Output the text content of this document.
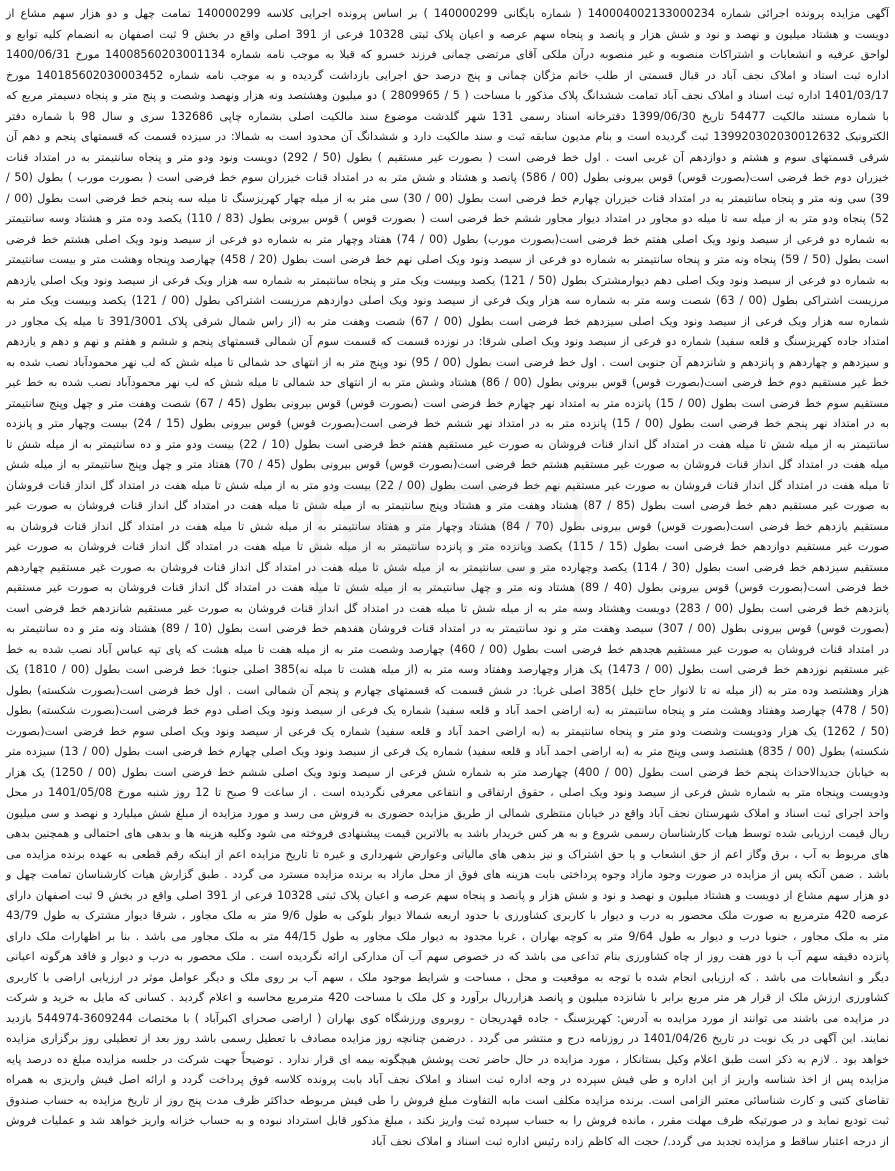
آگهی مزایده پرونده اجرائی شماره 140004002133000234 ( شماره بایگانی 140000299 ) بر اساس پرونده اجرایی کلاسه 140000299 تمامت چهل و دو هزار سهم مشاع از دویست و هشتاد میلیون و نهصد و نود و شش هزار و پانصد و پنجاه سهم عرصه و اعیان پلاک ثبتی 10328 فرعی از 391 اصلی واقع در بخش 9 ثبت اصفهان به انضمام کلیه توابع و لواحق عرفیه و انشعابات و اشتراکات منصوبه و غیر منصوبه درآن ملکی آقای مرتضی چمانی فرزند خسرو که قبلا به موجب نامه شماره 14008560203001134 مورخ 1400/06/31 اداره ثبت اسناد و املاک نجف آباد در قبال قسمتی از طلب خانم مژگان چمانی و پنج درصد حق اجرایی بازداشت گردیده و به موجب نامه شماره 140185602030003452 مورخ 1401/03/17 اداره ثبت اسناد و املاک نجف آباد تمامت ششدانگ پلاک مذکور با مساحت ( 5 / 2809965 ) دو میلیون وهشتصد ونه هزار ونهصد وشصت و پنج متر و پنجاه دسیمتر مربع که با شماره مستند مالکیت 54477 تاریخ 1399/06/30 دفترخانه اسناد رسمی 131 شهر گلدشت موضوع سند مالکیت اصلی بشماره چاپی 132686 سری و سال 98 با شماره دفتر الکترونیک 139920302030012632 ثبت گردیده است و بنام مدیون سابقه ثبت و سند مالکیت دارد و ششدانگ آن محدود است به شمالا: در سیزده قسمت که قسمتهای پنجم و دهم آن شرقی قسمتهای سوم و هشتم و دوازدهم آن غربی است . اول خط فرضی است ( بصورت غیر مستقیم ) بطول (50 / 292) دویست ونود ودو متر و پنجاه سانتیمتر به در امتداد قنات خیزران دوم خط فرضی است(بصورت قوس) قوس بیرونی بطول (00 / 586) پانصد و هشتاد و شش متر به در امتداد قنات خیزران سوم خط فرضی است ( بصورت مورب ) بطول (50 / 39) سی ونه متر و پنجاه سانتیمتر به در امتداد قنات خیزران چهارم خط فرضی است بطول (00 / 30) سی متر به از میله چهار کهریزسنگ تا میله سه پنجم خط فرضی است بطول (00 / 52) پنجاه ودو متر به از میله سه تا میله دو مجاور در امتداد دیوار مجاور ششم خط فرضی است ( بصورت قوس ) قوس بیرونی بطول (83 / 110) یکصد وده متر و هشتاد وسه سانتیمتر به شماره دو فرعی از سیصد ونود ویک اصلی هفتم خط فرضی است(بصورت مورب) بطول (00 / 74) هفتاد وچهار متر به شماره دو فرعی از سیصد ونود ویک اصلی هشتم خط فرضی است بطول (50 / 59) پنجاه ونه متر و پنجاه سانتیمتر به شماره دو فرعی از سیصد ونود ویک اصلی نهم خط فرضی است بطول (20 / 458) چهارصد وپنجاه وهشت متر و بیست سانتیمتر به شماره دو فرعی از سیصد ونود ویک اصلی دهم دیوارمشترک بطول (50 / 121) یکصد وبیست ویک متر و پنجاه سانتیمتر به شماره سه هزار ویک فرعی از سیصد ونود ویک اصلی یازدهم مرزیست اشتراکی بطول (00 / 63) شصت وسه متر به شماره سه هزار ویک فرعی از سیصد ونود ویک اصلی دوازدهم مرزیست اشتراکی بطول (00 / 121) یکصد وبیست ویک متر به شماره سه هزار ویک فرعی از سیصد ونود ویک اصلی سیزدهم خط فرضی است بطول (00 / 67) شصت وهفت متر به (از راس شمال شرقی پلاک 391/3001 تا میله یک مجاور در امتداد جاده کهریزسنگ و قلعه سفید) شماره دو فرعی از سیصد ونود ویک اصلی شرقا: در نوزده قسمت که قسمت سوم آن شمالی قسمتهای پنجم و ششم و هفتم و نهم و دهم و یازدهم و سیزدهم و چهاردهم و پانزدهم و شانزدهم آن جنوبی است . اول خط فرضی است بطول (00 / 95) نود وپنج متر به از انتهای حد شمالی تا میله شش که لب نهر محمودآباد نصب شده به خط غیر مستقیم دوم خط فرضی است(بصورت قوس) قوس بیرونی بطول (00 / 86) هشتاد وشش متر به از انتهای حد شمالی تا میله شش که لب نهر محمودآباد نصب شده به خط غیر مستقیم سوم خط فرضی است بطول (00 / 15) پانزده متر به امتداد نهر چهارم خط فرضی است (بصورت قوس) قوس بیرونی بطول (45 / 67) شصت وهفت متر و چهل وپنج سانتیمتر به در امتداد نهر پنجم خط فرضی است بطول (00 / 15) پانزده متر به در امتداد نهر ششم خط فرضی است(بصورت قوس) قوس بیرونی بطول (15 / 24) بیست وچهار متر و پانزده سانتیمتر به از میله شش تا میله هفت در امتداد گل انداز قنات فروشان به صورت غیر مستقیم هفتم خط فرضی است بطول (10 / 22) بیست ودو متر و ده سانتیمتر به از میله شش تا میله هفت در امتداد گل انداز قنات فروشان به صورت غیر مستقیم هشتم خط فرضی است(بصورت قوس) قوس بیرونی بطول (45 / 70) هفتاد متر و چهل وپنج سانتیمتر به از میله شش تا میله هفت در امتداد گل انداز قنات فروشان به صورت غیر مستقیم نهم خط فرضی است بطول (00 / 22) بیست ودو متر به از میله شش تا میله هفت در امتداد گل انداز قنات فروشان به صورت غیر مستقیم دهم خط فرضی است بطول (85 / 87) هشتاد وهفت متر و هشتاد وپنج سانتیمتر به از میله شش تا میله هفت در امتداد گل انداز قنات فروشان به صورت غیر مستقیم یازدهم خط فرضی است(بصورت قوس) قوس بیرونی بطول (70 / 84) هشتاد وچهار متر و هفتاد سانتیمتر به از میله شش تا میله هفت در امتداد گل انداز قنات فروشان به صورت غیر مستقیم دوازدهم خط فرضی است بطول (15 / 115) یکصد وپانزده متر و پانزده سانتیمتر به از میله شش تا میله هفت در امتداد گل انداز قنات فروشان به صورت غیر مستقیم سیزدهم خط فرضی است بطول (30 / 114) یکصد وچهارده متر و سی سانتیمتر به از میله شش تا میله هفت در امتداد گل انداز قنات فروشان به صورت غیر مستقیم چهاردهم خط فرضی است(بصورت قوس) قوس بیرونی بطول (40 / 89) هشتاد ونه متر و چهل سانتیمتر به از میله شش تا میله هفت در امتداد گل انداز قنات فروشان به صورت غیر مستقیم پانزدهم خط فرضی است بطول (00 / 283) دویست وهشتاد وسه متر به از میله شش تا میله هفت در امتداد گل انداز قنات فروشان به صورت غیر مستقیم شانزدهم خط فرضی است (بصورت قوس) قوس بیرونی بطول (00 / 307) سیصد وهفت متر و نود سانتیمتر به در امتداد قنات فروشان هفدهم خط فرضی است بطول (10 / 89) هشتاد ونه متر و ده سانتیمتر به در امتداد قنات فروشان به صورت غیر مستقیم هجدهم خط فرضی است بطول (00 / 460) چهارصد وشصت متر به از میله هفت تا میله هشت که پای تپه عباس آباد نصب شده به خط غیر مستقیم نوزدهم خط فرضی است بطول (00 / 1473) یک هزار وچهارصد وهفتاد وسه متر به (از میله هشت تا میله نه)385 اصلی جنوبا: خط فرضی است بطول (00 / 1810) یک هزار وهشتصد وده متر به (از میله نه تا لانوار حاج خلیل )385 اصلی غربا: در شش قسمت که قسمتهای چهارم و پنجم آن شمالی است . اول خط فرضی است(بصورت شکسته) بطول (50 / 478) چهارصد وهفتاد وهشت متر و پنجاه سانتیمتر به (به اراضی احمد آباد و قلعه سفید) شماره یک فرعی از سیصد ونود ویک اصلی دوم خط فرضی است(بصورت شکسته) بطول (50 / 1262) یک هزار ودویست وشصت ودو متر و پنجاه سانتیمتر به (به اراضی احمد آباد و قلعه سفید) شماره یک فرعی از سیصد ونود ویک اصلی سوم خط فرضی است(بصورت شکسته) بطول (00 / 835) هشتصد وسی وپنج متر به (به اراضی احمد آباد و قلعه سفید) شماره یک فرعی از سیصد ونود ویک اصلی چهارم خط فرضی است بطول (00 / 13) سیزده متر به خیابان جدیدالاحداث پنجم خط فرضی است بطول (00 / 400) چهارصد متر به شماره شش فرعی از سیصد ونود ویک اصلی ششم خط فرضی است بطول (00 / 1250) یک هزار ودویست وپنجاه متر به شماره شش فرعی از سیصد ونود ویک اصلی ، حقوق ارتفاقی و انتفاعی معرفی نگردیده است . از ساعت 9 صبح تا 12 روز شنبه مورخ 1401/05/08 در محل واحد اجرای ثبت اسناد و املاک شهرستان نجف آباد واقع در خیابان منتظری شمالی از طریق مزایده حضوری به فروش می رسد و مورد مزایده از مبلغ شش میلیارد و نهصد و سی میلیون ریال قیمت ارزیابی شده توسط هیات کارشناسان رسمی شروع و به هر کس خریدار باشد به بالاترین قیمت پیشنهادی فروخته می شود وکلیه هزینه ها و بدهی های احتمالی و همچنین بدهی های مربوط به آب ، برق وگاز اعم از حق انشعاب و یا حق اشتراک و نیز بدهی های مالیاتی وعوارض شهرداری و غیره تا تاریخ مزایده اعم از اینکه رقم قطعی به عهده برنده مزایده می باشد . ضمن آنکه پس از مزایده در صورت وجود مازاد وجوه پرداختی بابت هزینه های فوق از محل مازاد به برنده مزایده مسترد می گردد . طبق گزارش هیات کارشناسان تمامت چهل و دو هزار سهم مشاع از دویست و هشتاد میلیون و نهصد و نود و شش هزار و پانصد و پنجاه سهم عرصه و اعیان پلاک ثبتی 10328 فرعی از 391 اصلی واقع در بخش 9 ثبت اصفهان دارای عرصه 420 مترمربع به صورت ملک محصور به درب و دیوار با کاربری کشاورزی با حدود اربعه شمالا دیوار بلوکی به طول 9/6 متر به ملک مجاور ، شرقا دیوار مشترک به طول 43/79 متر به ملک مجاور ، جنوبا درب و دیوار به طول 9/64 متر به کوچه بهاران ، غربا مجدود به دیوار ملک مجاور به طول 44/15 متر به ملک مجاور می باشد . بنا بر اظهارات ملک دارای پانزده دقیقه سهم آب با دور هفت روز از چاه کشاورزی بنام تداعی می باشد که در خصوص سهم آب آن مدارکی ارائه نگردیده است . ملک محصور به درب و دیوار و فاقد هرگونه اعیانی دیگر و انشعابات می باشد . که ارزیابی انجام شده با توجه به موقعیت و محل ، مساحت و شرایط موجود ملک ، سهم آب بر روی ملک و دیگر عوامل موثر در ارزیابی اراضی با کاربری کشاورزی ارزش ملک از قرار هر متر مربع برابر با شانزده میلیون و پانصد هزارریال برآورد و کل ملک با مساحت 420 مترمربع محاسبه و اعلام گردید . کسانی که مایل به خرید و شرکت در مزایده می باشند می توانند از مورد مزایده به آدرس: کهریزسنگ - جاده قهدریجان - روبروی ورزشگاه کوی بهاران ( اراضی صحرای اکبرآباد ) با مختصات 3609244-544974 بازدید نمایند. این آگهی در یک نوبت در تاریخ 1401/04/26 در روزنامه درج و منتشر می گردد . درضمن چنانچه روز مزایده مصادف با تعطیل رسمی باشد روز بعد از تعطیلی روز برگزاری مزایده خواهد بود . لازم به ذکر است طبق اعلام وکیل بستانکار ، مورد مزایده در حال حاضر تحت پوشش هیچگونه بیمه ای قرار ندارد . توضیحاً جهت شرکت در جلسه مزایده مبلغ ده درصد پایه مزایده پس از اخذ شناسه واریز از این اداره و طی فیش سپرده در وجه اداره ثبت اسناد و املاک نجف آباد بابت پرونده کلاسه فوق پرداخت گردد و ارائه اصل فیش واریزی به همراه تقاضای کتبی و کارت شناسائی معتبر الزامی است. برنده مزایده مکلف است مابه التفاوت مبلغ فروش را طی فیش مربوطه حداکثر ظرف مدت پنج روز از تاریخ مزایده به حساب صندوق ثبت تودیع نماید و در صورتیکه ظرف مهلت مقرر ، مانده فروش را به حساب سپرده ثبت واریز نکند ، مبلغ مذکور قابل استرداد نبوده و به حساب خزانه واریز خواهد شد و عملیات فروش از درجه اعتبار ساقط و مزایده تجدید می گردد./ حجت اله کاظم زاده رئیس اداره ثبت اسناد و املاک نجف آباد
